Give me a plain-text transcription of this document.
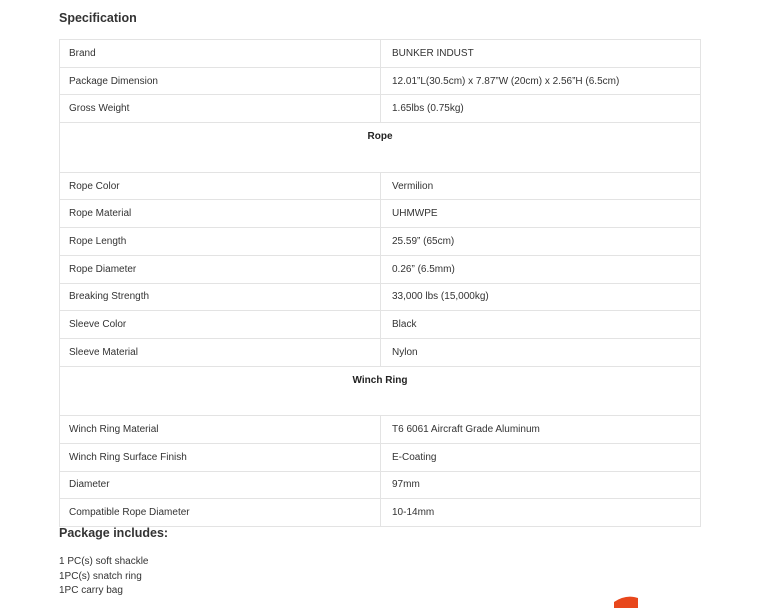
Specification
Brand	BUNKER INDUST
Package Dimension	12.01”L(30.5cm) x 7.87”W (20cm) x 2.56”H (6.5cm)
Gross Weight	1.65lbs (0.75kg)
Rope	
Rope Color	Vermilion
Rope Material	UHMWPE
Rope Length	25.59” (65cm)
Rope Diameter	0.26” (6.5mm)
Breaking Strength	33,000 lbs (15,000kg)
Sleeve Color	Black
Sleeve Material	Nylon
Winch Ring	
Winch Ring Material	T6 6061 Aircraft Grade Aluminum
Winch Ring Surface Finish	E-Coating
Diameter	97mm
Compatible Rope Diameter	10-14mm
Package includes:
1 PC(s) soft shackle
1PC(s) snatch ring
1PC carry bag
